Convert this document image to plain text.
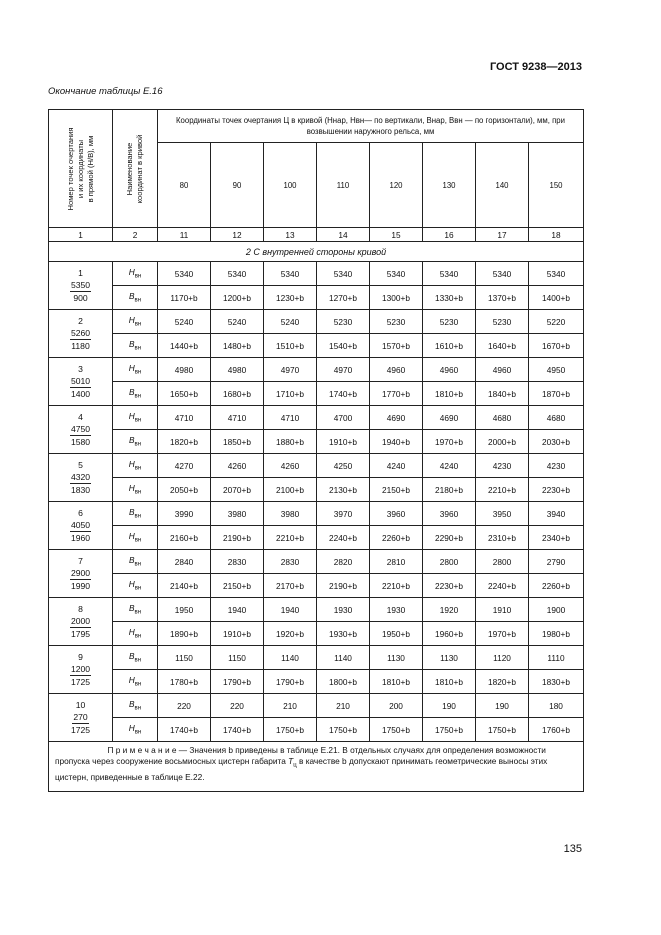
ГОСТ 9238—2013
Окончание таблицы Е.16
Номер точек очертания
и их координаты
в прямой (H/B), мм	Наименование
координат в кривой	Координаты точек очертания Ц в кривой (Hнар, Hвн— по вертикали, Внар, Ввн — по горизонтали), мм, при возвышении наружного рельса, мм							
		80	90	100	110	120	130	140	150
1	2	11	12	13	14	15	16	17	18
2 С внутренней стороны кривой									

1
5350
900	$H_{вн}$	5340	5340	5340	5340	5340	5340	5340	5340
	$B_{вн}$	1170+b	1200+b	1230+b	1270+b	1300+b	1330+b	1370+b	1400+b

2
5260
1180	$H_{вн}$	5240	5240	5240	5230	5230	5230	5230	5220
	$B_{вн}$	1440+b	1480+b	1510+b	1540+b	1570+b	1610+b	1640+b	1670+b

3
5010
1400	$H_{вн}$	4980	4980	4970	4970	4960	4960	4960	4950
	$B_{вн}$	1650+b	1680+b	1710+b	1740+b	1770+b	1810+b	1840+b	1870+b

4
4750
1580	$H_{вн}$	4710	4710	4710	4700	4690	4690	4680	4680
	$B_{вн}$	1820+b	1850+b	1880+b	1910+b	1940+b	1970+b	2000+b	2030+b

5
4320
1830	$H_{вн}$	4270	4260	4260	4250	4240	4240	4230	4230
	$H_{вн}$	2050+b	2070+b	2100+b	2130+b	2150+b	2180+b	2210+b	2230+b

6
4050
1960	$B_{вн}$	3990	3980	3980	3970	3960	3960	3950	3940
	$H_{вн}$	2160+b	2190+b	2210+b	2240+b	2260+b	2290+b	2310+b	2340+b

7
2900
1990	$B_{вн}$	2840	2830	2830	2820	2810	2800	2800	2790
	$H_{вн}$	2140+b	2150+b	2170+b	2190+b	2210+b	2230+b	2240+b	2260+b

8
2000
1795	$B_{вн}$	1950	1940	1940	1930	1930	1920	1910	1900
	$H_{вн}$	1890+b	1910+b	1920+b	1930+b	1950+b	1960+b	1970+b	1980+b

9
1200
1725	$B_{вн}$	1150	1150	1140	1140	1130	1130	1120	1110
	$H_{вн}$	1780+b	1790+b	1790+b	1800+b	1810+b	1810+b	1820+b	1830+b

10
270
1725	$B_{вн}$	220	220	210	210	200	190	190	180
	$H_{вн}$	1740+b	1740+b	1750+b	1750+b	1750+b	1750+b	1750+b	1760+b
П р и м е ч а н и е — Значения b приведены в таблице Е.21. В отдельных случаях для определения возможности пропуска через сооружение восьмиосных цистерн габарита $Т_ц$ в качестве b допускают принимать геометрические выносы этих цистерн, приведенные в таблице Е.22.									
135
